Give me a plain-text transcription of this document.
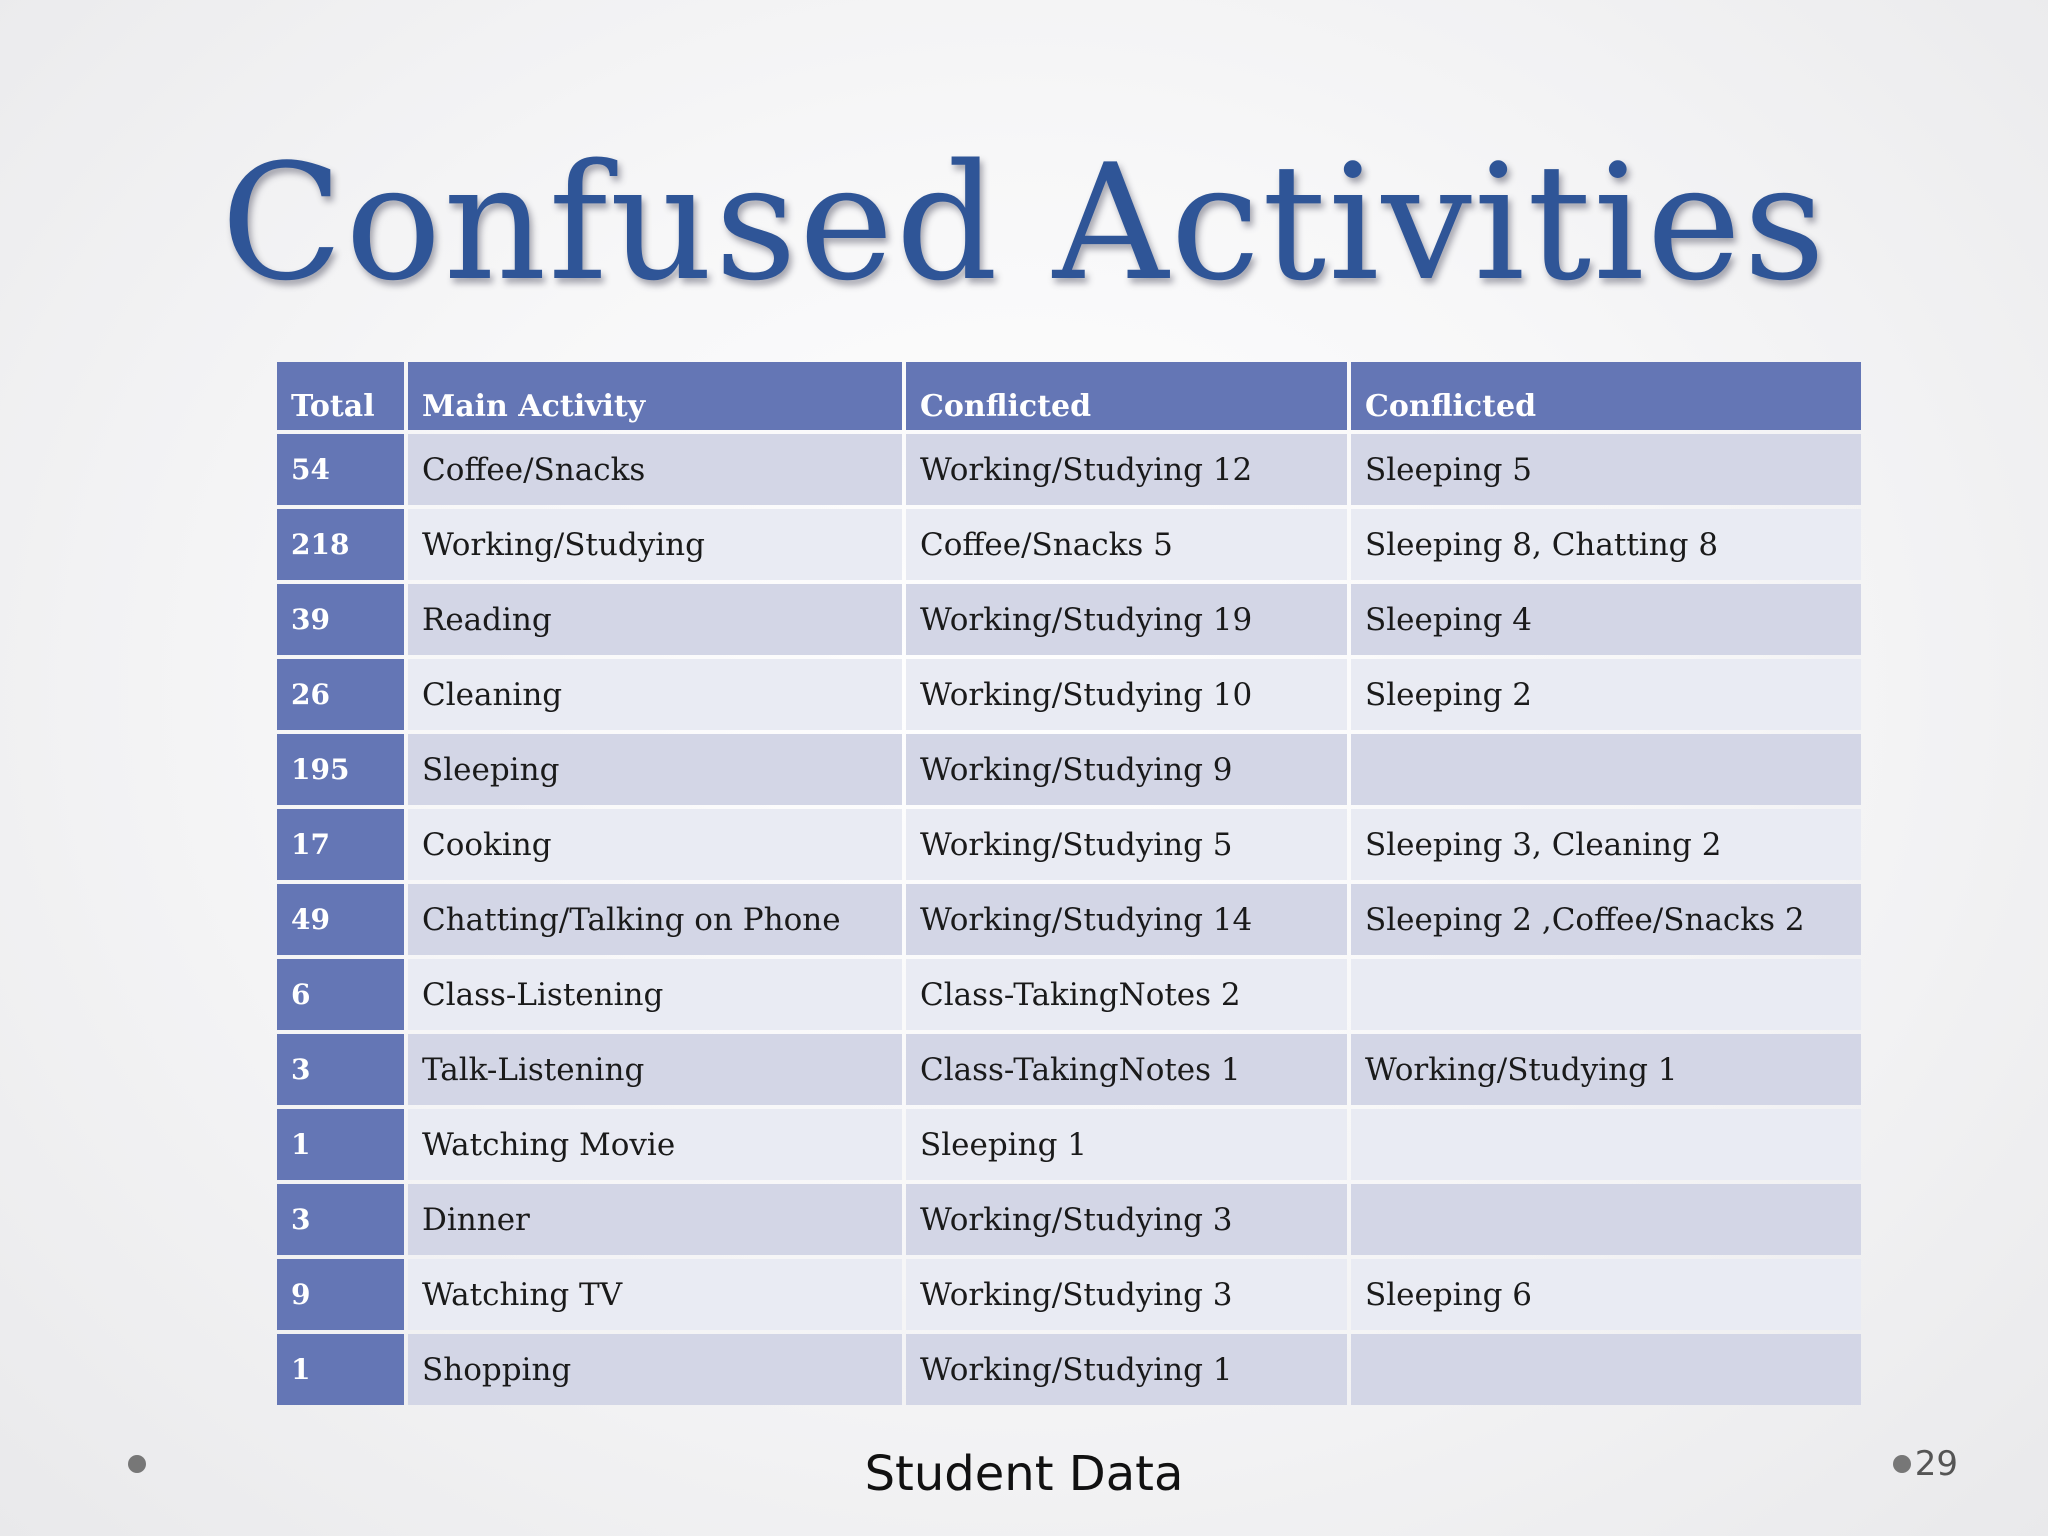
Confused Activities
Total	Main Activity	Conflicted	Conflicted
54	Coffee/Snacks	Working/Studying 12	Sleeping 5
218	Working/Studying	Coffee/Snacks 5	Sleeping 8, Chatting 8
39	Reading	Working/Studying 19	Sleeping 4
26	Cleaning	Working/Studying 10	Sleeping 2
195	Sleeping	Working/Studying 9	
17	Cooking	Working/Studying 5	Sleeping 3, Cleaning 2
49	Chatting/Talking on Phone	Working/Studying 14	Sleeping 2 ,Coffee/Snacks 2
6	Class-Listening	Class-TakingNotes 2	
3	Talk-Listening	Class-TakingNotes 1	Working/Studying 1
1	Watching Movie	Sleeping 1	
3	Dinner	Working/Studying 3	
9	Watching TV	Working/Studying 3	Sleeping 6
1	Shopping	Working/Studying 1	
Student Data	29
